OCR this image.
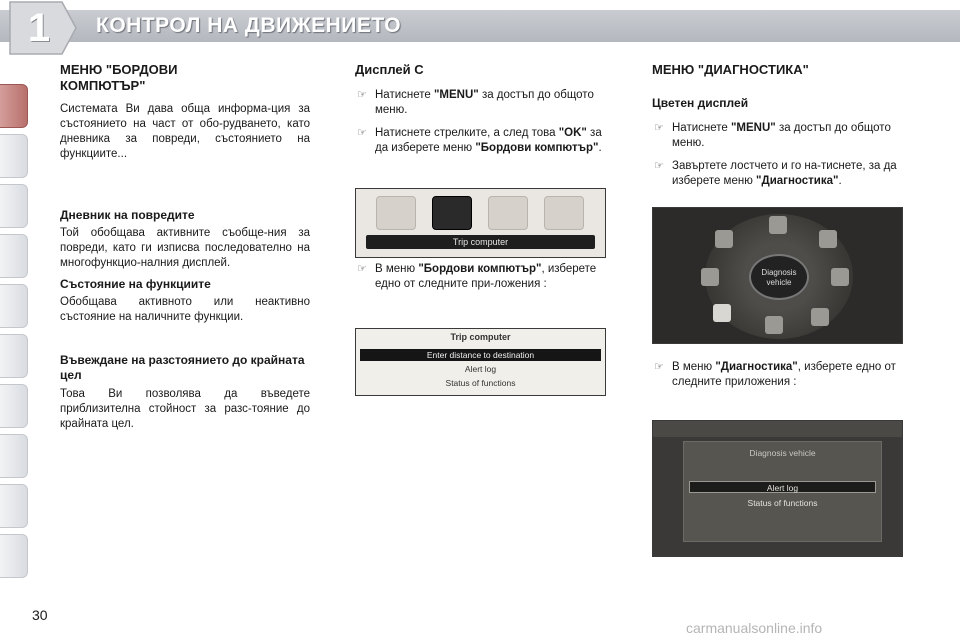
1	КОНТРОЛ НА ДВИЖЕНИЕТО
МЕНЮ "БОРДОВИ КОМПЮТЪР"
Системата Ви дава обща информа-ция за състоянието на част от обо-рудването, като дневника за повреди, състоянието на функциите...
Дневник на повредите
Той обобщава активните съобще-ния за повреди, като ги изписва последователно на многофункцио-налния дисплей.
Състояние на функциите
Обобщава активното или неактивно състояние на наличните функции.
Въвеждане на разстоянието до крайната цел
Това Ви позволява да въведете приблизителна стойност за разс-тояние до крайната цел.
Дисплей C
☞ Натиснете "MENU" за достъп до общото меню.
☞ Натиснете стрелките, а след това "OK" за да изберете меню "Бордови компютър".
Trip computer
☞ В меню "Бордови компютър", изберете едно от следните при-ложения :
Trip computer
Enter distance to destination
Alert log
Status of functions
МЕНЮ "ДИАГНОСТИКА"
Цветен дисплей
☞ Натиснете "MENU" за достъп до общото меню.
☞ Завъртете лостчето и го на-тиснете, за да изберете меню "Диагностика".
Diagnosis vehicle
☞ В меню "Диагностика", изберете едно от следните приложения :
Diagnosis vehicle
Alert log
Status of functions
30
carmanualsonline.info
